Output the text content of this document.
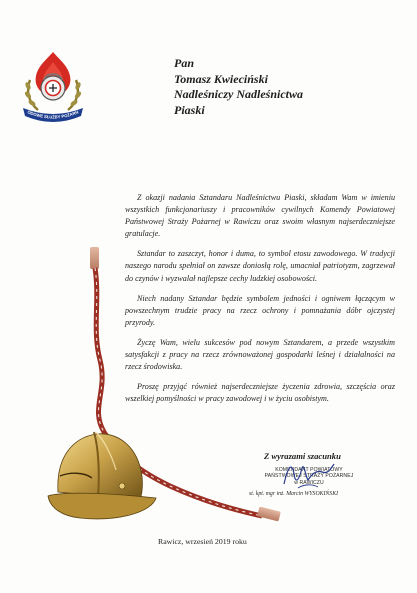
ODOWE SŁUŻBY POŻARN
Pan
Tomasz Kwieciński
Nadleśniczy Nadleśnictwa
Piaski

Z okazji nadania Sztandaru Nadleśnictwu Piaski, składam Wam w imieniu wszystkich funkcjonariuszy i pracowników cywilnych Komendy Powiatowej Państwowej Straży Pożarnej w Rawiczu oraz swoim własnym najserdeczniejsze gratulacje.

Sztandar to zaszczyt, honor i duma, to symbol etosu zawodowego. W tradycji naszego narodu spełniał on zawsze doniosłą rolę, umacniał patriotyzm, zagrzewał do czynów i wyzwalał najlepsze cechy ludzkiej osobowości.

Niech nadany Sztandar będzie symbolem jedności i ogniwem łączącym w powszechnym trudzie pracy na rzecz ochrony i pomnażania dóbr ojczystej przyrody.

Życzę Wam, wielu sukcesów pod nowym Sztandarem, a przede wszystkim satysfakcji z pracy na rzecz zrównoważonej gospodarki leśnej i działalności na rzecz środowiska.

Proszę przyjąć również najserdeczniejsze życzenia zdrowia, szczęścia oraz wszelkiej pomyślności w pracy zawodowej i w życiu osobistym.

Z wyrazami szacunku
KOMENDANT POWIATOWY
PAŃSTWOWEJ STRAŻY POŻARNEJ
w RAWICZU
st. kpt. mgr inż. Marcin WYSOKIŃSKI
Rawicz, wrzesień 2019 roku
